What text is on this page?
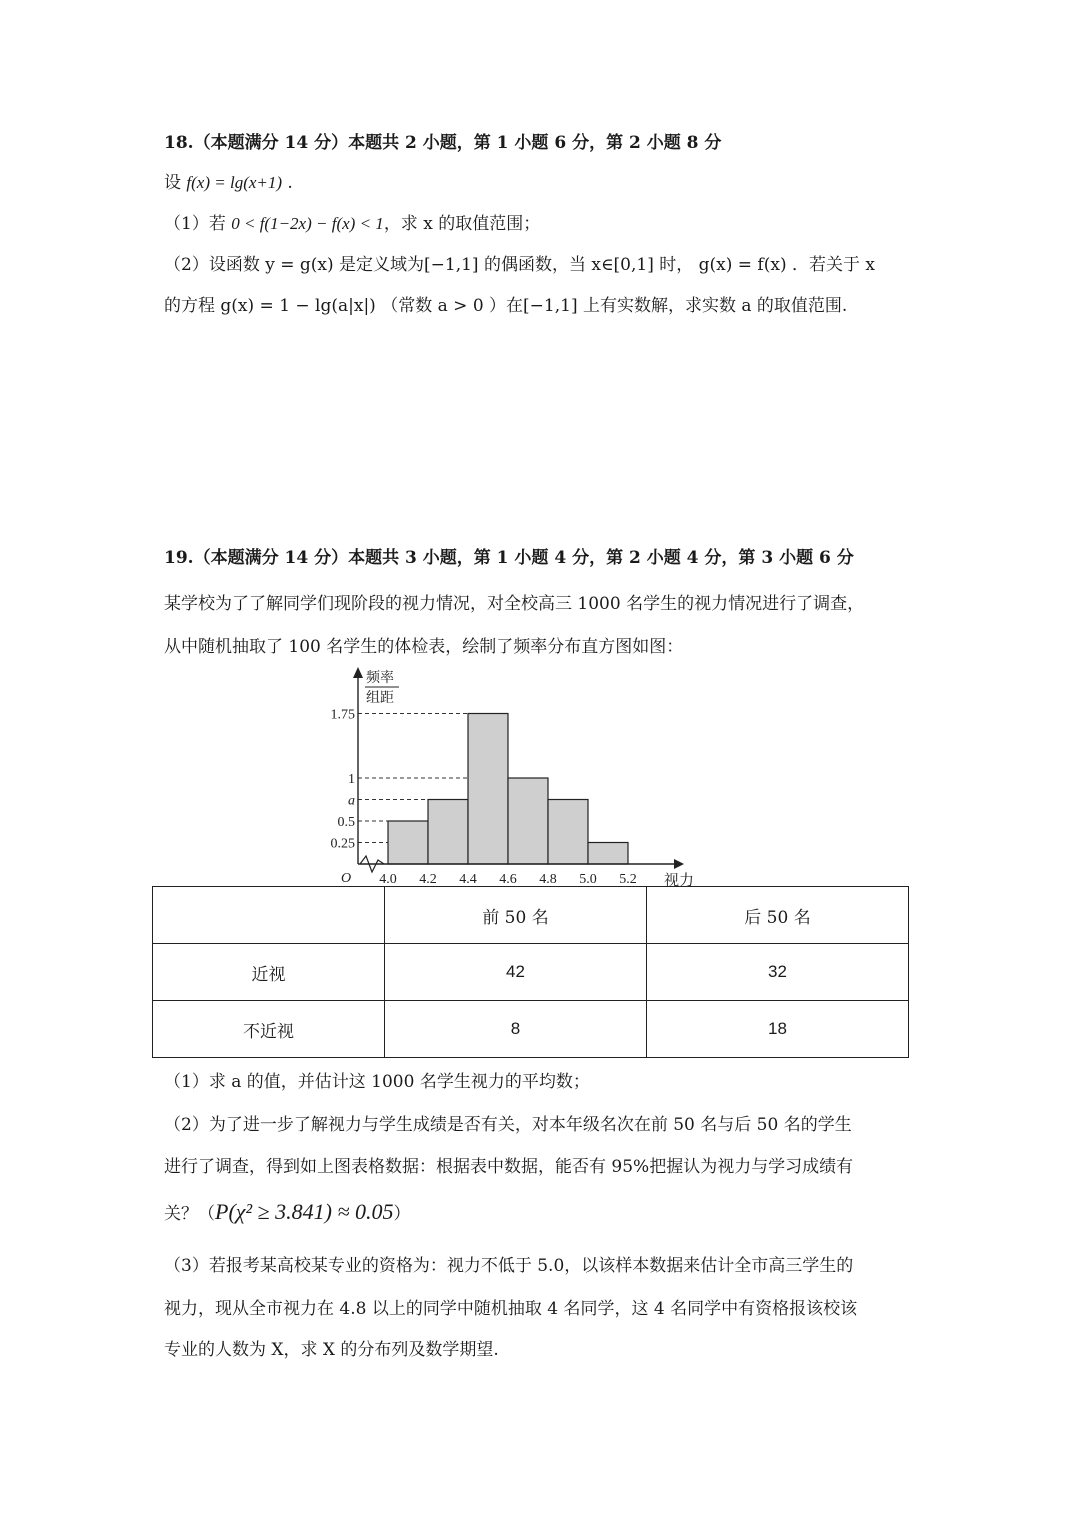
18.（本题满分 14 分）本题共 2 小题，第 1 小题 6 分，第 2 小题 8 分
设 f(x) = lg(x+1) .
（1）若 0 < f(1−2x) − f(x) < 1，求 x 的取值范围；
（2）设函数 y = g(x) 是定义域为[−1,1] 的偶函数，当 x∈[0,1] 时， g(x) = f(x) ．若关于 x
的方程 g(x) = 1 − lg(a|x|) （常数 a > 0 ）在[−1,1] 上有实数解，求实数 a 的取值范围.
19.（本题满分 14 分）本题共 3 小题，第 1 小题 4 分，第 2 小题 4 分，第 3 小题 6 分
某学校为了了解同学们现阶段的视力情况，对全校高三 1000 名学生的视力情况进行了调查，
从中随机抽取了 100 名学生的体检表，绘制了频率分布直方图如图：
1.75
1
a
0.5
0.25
4.0 4.2 4.4 4.6 4.8 5.0 5.2
O	视力
频率
组距
	前 50 名	后 50 名
近视	42	32
不近视	8	18
（1）求 a 的值，并估计这 1000 名学生视力的平均数；
（2）为了进一步了解视力与学生成绩是否有关，对本年级名次在前 50 名与后 50 名的学生
进行了调查，得到如上图表格数据：根据表中数据，能否有 95%把握认为视力与学习成绩有
关？（P(χ² ≥ 3.841) ≈ 0.05）
（3）若报考某高校某专业的资格为：视力不低于 5.0，以该样本数据来估计全市高三学生的
视力，现从全市视力在 4.8 以上的同学中随机抽取 4 名同学，这 4 名同学中有资格报该校该
专业的人数为 X，求 X 的分布列及数学期望.
